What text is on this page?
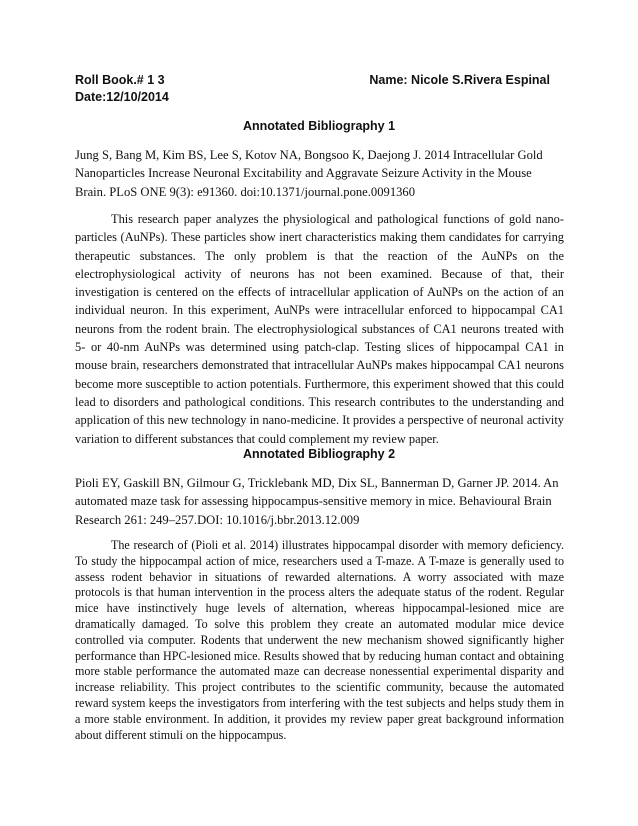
Roll Book.# 1 3	Name: Nicole S.Rivera Espinal
Date:12/10/2014
Annotated Bibliography 1

Jung S, Bang M, Kim BS, Lee S, Kotov NA, Bongsoo K, Daejong J. 2014 Intracellular Gold Nanoparticles Increase Neuronal Excitability and Aggravate Seizure Activity in the Mouse Brain. PLoS ONE 9(3): e91360. doi:10.1371/journal.pone.0091360

This research paper analyzes the physiological and pathological functions of gold nano-particles (AuNPs). These particles show inert characteristics making them candidates for carrying therapeutic substances. The only problem is that the reaction of the AuNPs on the electrophysiological activity of neurons has not been examined. Because of that, their investigation is centered on the effects of intracellular application of AuNPs on the action of an individual neuron. In this experiment, AuNPs were intracellular enforced to hippocampal CA1 neurons from the rodent brain. The electrophysiological substances of CA1 neurons treated with 5- or 40-nm AuNPs was determined using patch-clap. Testing slices of hippocampal CA1 in mouse brain, researchers demonstrated that intracellular AuNPs makes hippocampal CA1 neurons become more susceptible to action potentials. Furthermore, this experiment showed that this could lead to disorders and pathological conditions. This research contributes to the understanding and application of this new technology in nano-medicine. It provides a perspective of neuronal activity variation to different substances that could complement my review paper.

Annotated Bibliography 2

Pioli EY, Gaskill BN, Gilmour G, Tricklebank MD, Dix SL, Bannerman D, Garner JP. 2014. An automated maze task for assessing hippocampus-sensitive memory in mice. Behavioural Brain Research 261: 249–257.DOI: 10.1016/j.bbr.2013.12.009

The research of (Pioli et al. 2014) illustrates hippocampal disorder with memory deficiency. To study the hippocampal action of mice, researchers used a T-maze. A T-maze is generally used to assess rodent behavior in situations of rewarded alternations. A worry associated with maze protocols is that human intervention in the process alters the adequate status of the rodent. Regular mice have instinctively huge levels of alternation, whereas hippocampal-lesioned mice are dramatically damaged. To solve this problem they create an automated modular mice device controlled via computer. Rodents that underwent the new mechanism showed significantly higher performance than HPC-lesioned mice. Results showed that by reducing human contact and obtaining more stable performance the automated maze can decrease nonessential experimental disparity and increase reliability. This project contributes to the scientific community, because the automated reward system keeps the investigators from interfering with the test subjects and helps study them in a more stable environment. In addition, it provides my review paper great background information about different stimuli on the hippocampus.
